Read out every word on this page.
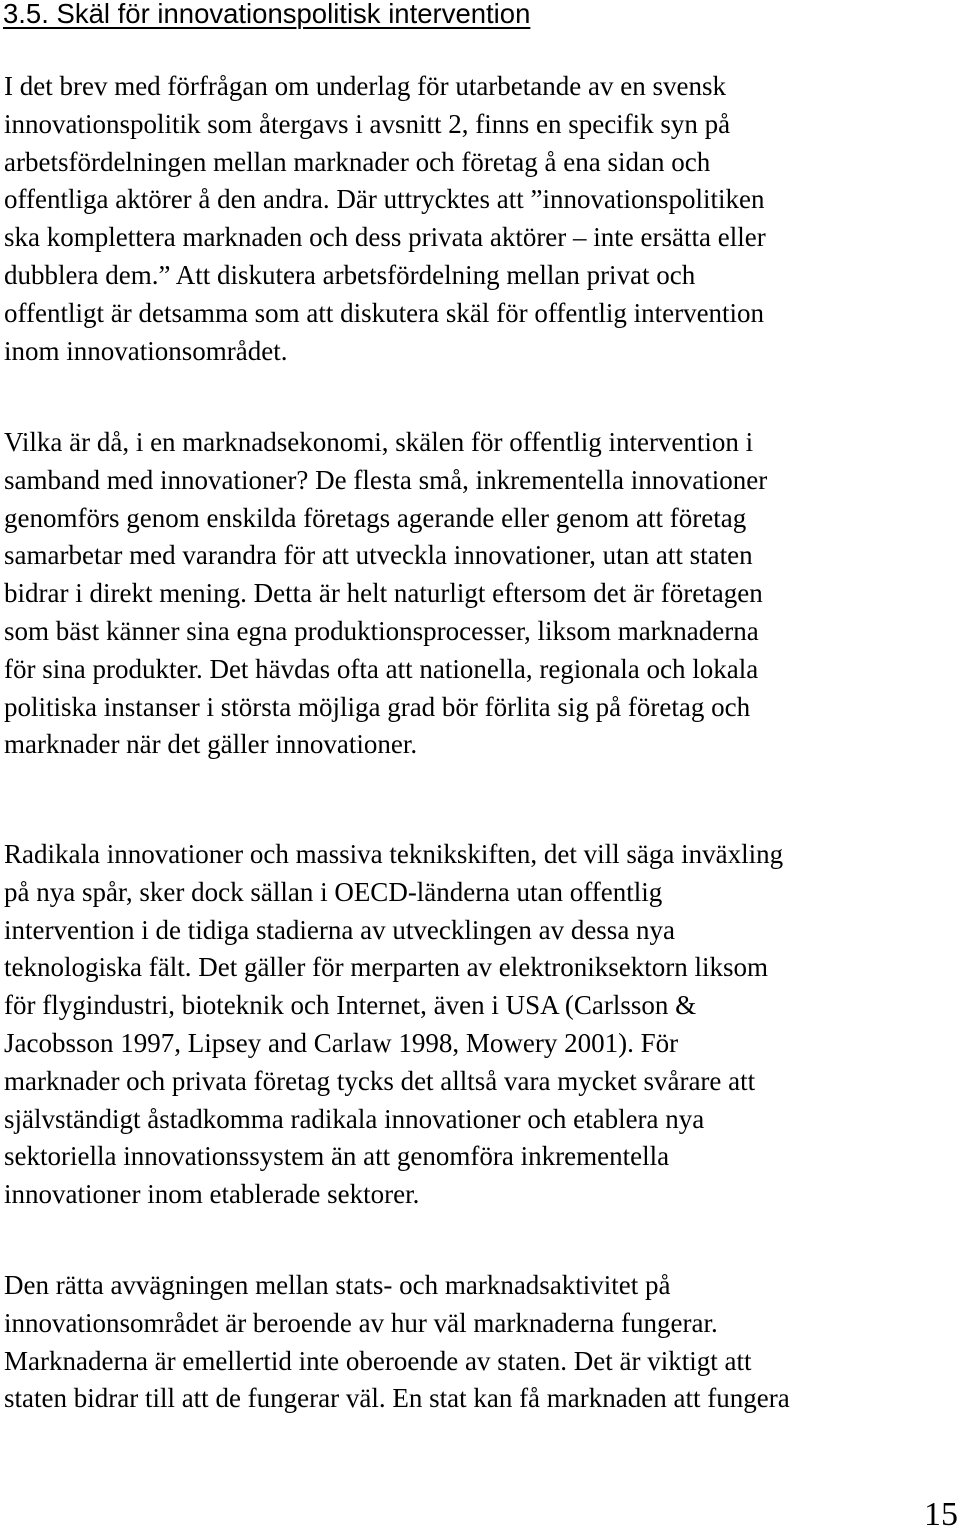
3.5. Skäl för innovationspolitisk intervention
I det brev med förfrågan om underlag för utarbetande av en svensk
innovationspolitik som återgavs i avsnitt 2, finns en specifik syn på
arbetsfördelningen mellan marknader och företag å ena sidan och
offentliga aktörer å den andra. Där uttrycktes att ”innovationspolitiken
ska komplettera marknaden och dess privata aktörer – inte ersätta eller
dubblera dem.” Att diskutera arbetsfördelning mellan privat och
offentligt är detsamma som att diskutera skäl för offentlig intervention
inom innovationsområdet.
Vilka är då, i en marknadsekonomi, skälen för offentlig intervention i
samband med innovationer? De flesta små, inkrementella innovationer
genomförs genom enskilda företags agerande eller genom att företag
samarbetar med varandra för att utveckla innovationer, utan att staten
bidrar i direkt mening. Detta är helt naturligt eftersom det är företagen
som bäst känner sina egna produktionsprocesser, liksom marknaderna
för sina produkter. Det hävdas ofta att nationella, regionala och lokala
politiska instanser i största möjliga grad bör förlita sig på företag och
marknader när det gäller innovationer.
Radikala innovationer och massiva teknikskiften, det vill säga inväxling
på nya spår, sker dock sällan i OECD-länderna utan offentlig
intervention i de tidiga stadierna av utvecklingen av dessa nya
teknologiska fält. Det gäller för merparten av elektroniksektorn liksom
för flygindustri, bioteknik och Internet, även i USA (Carlsson &
Jacobsson 1997, Lipsey and Carlaw 1998, Mowery 2001). För
marknader och privata företag tycks det alltså vara mycket svårare att
självständigt åstadkomma radikala innovationer och etablera nya
sektoriella innovationssystem än att genomföra inkrementella
innovationer inom etablerade sektorer.
Den rätta avvägningen mellan stats- och marknadsaktivitet på
innovationsområdet är beroende av hur väl marknaderna fungerar.
Marknaderna är emellertid inte oberoende av staten. Det är viktigt att
staten bidrar till att de fungerar väl. En stat kan få marknaden att fungera
15
